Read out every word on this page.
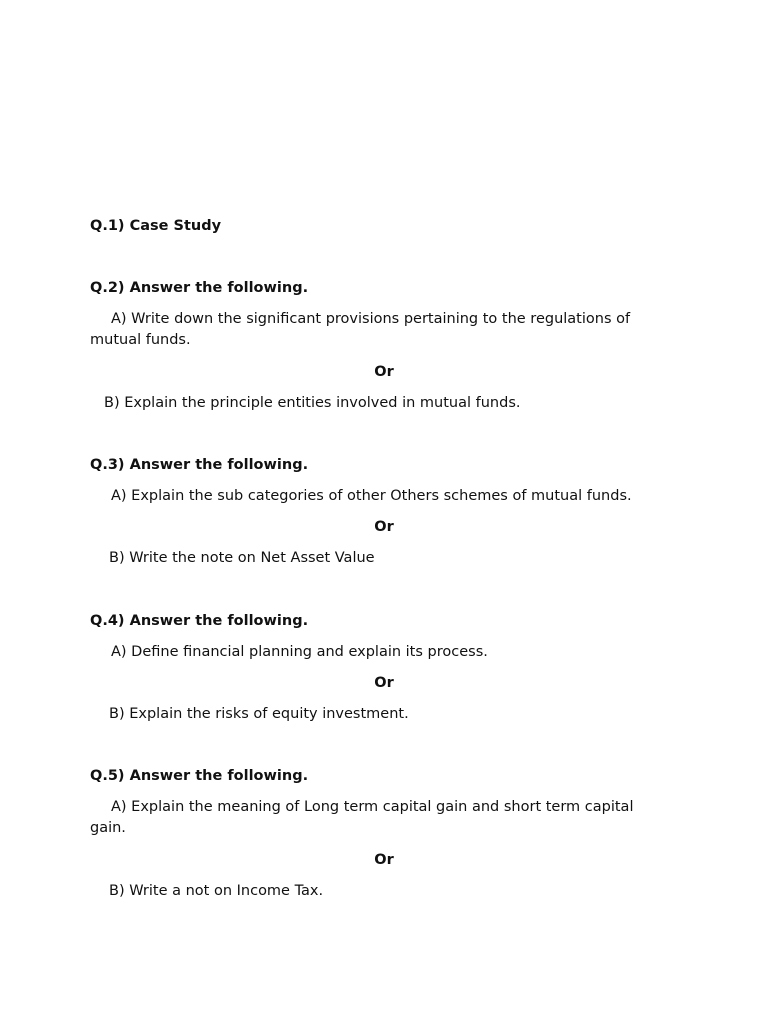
Q.1) Case Study
Q.2) Answer the following.
A) Write down the significant provisions pertaining to the regulations of mutual funds.
Or
B) Explain the principle entities involved in mutual funds.
Q.3) Answer the following.
A) Explain the sub categories of other Others schemes of mutual funds.
Or
B) Write the note on Net Asset Value
Q.4) Answer the following.
A) Define financial planning and explain its process.
Or
B) Explain the risks of equity investment.
Q.5) Answer the following.
A) Explain the meaning of Long term capital gain and short term capital gain.
Or
B) Write a not on Income Tax.
